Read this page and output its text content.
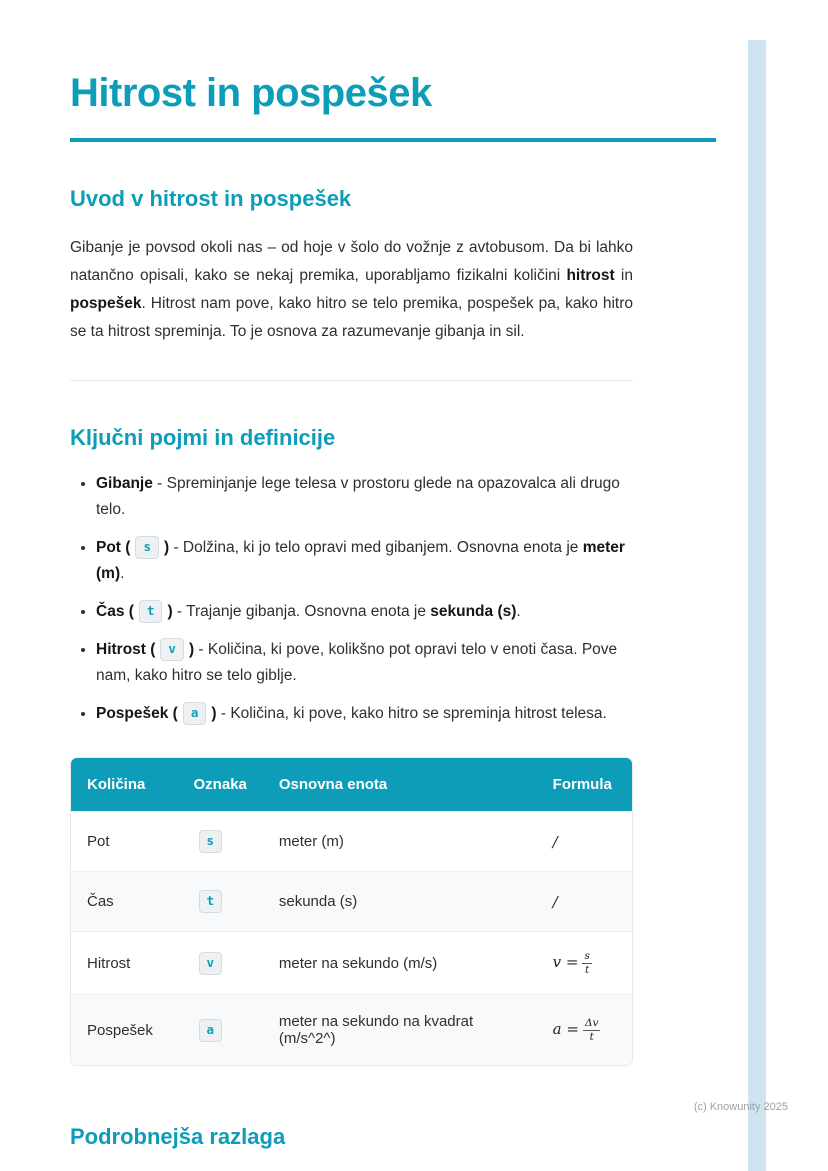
Hitrost in pospešek
Uvod v hitrost in pospešek

Gibanje je povsod okoli nas – od hoje v šolo do vožnje z avtobusom. Da bi lahko natančno opisali, kako se nekaj premika, uporabljamo fizikalni količini hitrost in pospešek. Hitrost nam pove, kako hitro se telo premika, pospešek pa, kako hitro se ta hitrost spreminja. To je osnova za razumevanje gibanja in sil.

Ključni pojmi in definicije
• Gibanje - Spreminjanje lege telesa v prostoru glede na opazovalca ali drugo telo.
• Pot ( s ) - Dolžina, ki jo telo opravi med gibanjem. Osnovna enota je meter (m).
• Čas ( t ) - Trajanje gibanja. Osnovna enota je sekunda (s).
• Hitrost ( v ) - Količina, ki pove, kolikšno pot opravi telo v enoti časa. Pove nam, kako hitro se telo giblje.
• Pospešek ( a ) - Količina, ki pove, kako hitro se spreminja hitrost telesa.
Količina	Oznaka	Osnovna enota	Formula
Pot	s	meter (m)	/
Čas	t	sekunda (s)	/
Hitrost	v	meter na sekundo (m/s)	$v = \frac{s}{t}$

Pospešek	a	meter na sekundo na kvadrat (m/s^2^)	$a = \frac{\Delta v}{t}$
Podrobnejša razlaga
(c) Knowunity 2025
